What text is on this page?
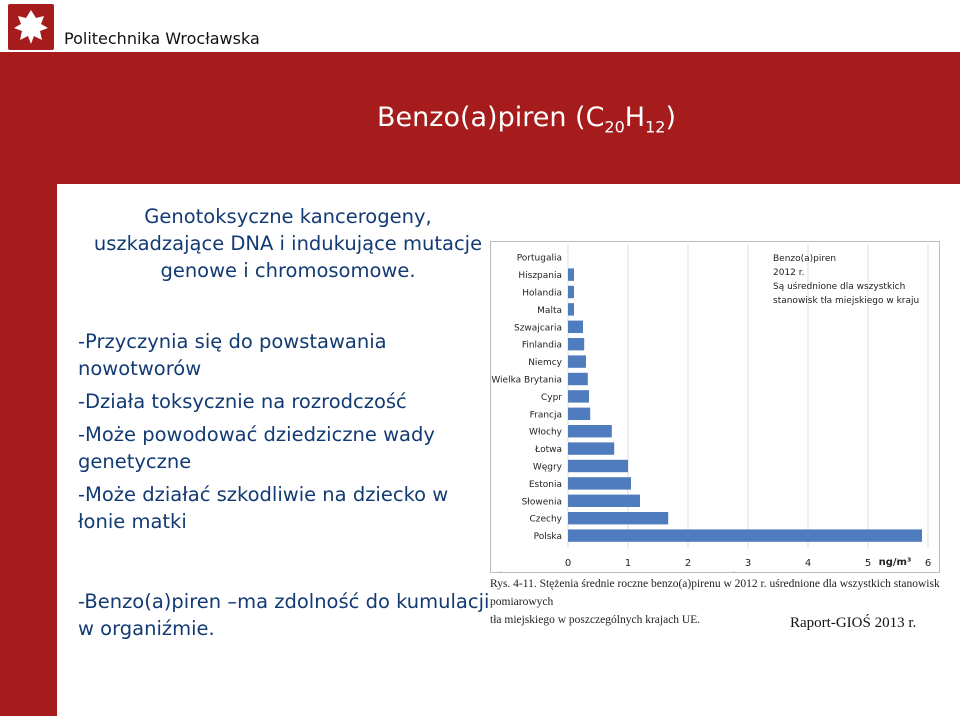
Politechnika Wrocławska
Benzo(a)piren $(C_{20}H_{12})$
Genotoksyczne kancerogeny, uszkadzające DNA i indukujące mutacje genowe i chromosomowe.

-Przyczynia się do powstawania nowotworów

-Działa toksycznie na rozrodczość

-Może powodować dziedziczne wady genetyczne

-Może działać szkodliwie na dziecko w łonie matki

-Benzo(a)piren –ma zdolność do kumulacji w organiźmie.

Portugalia
Hiszpania
Holandia
Malta
Szwajcaria
Finlandia
Niemcy
Wielka Brytania
Cypr
Francja
Włochy
Łotwa
Węgry
Estonia
Słowenia
Czechy
Polska
0	1	2	3	4	5	6
ng/m³
Benzo(a)piren
2012 r.
Są uśrednione dla wszystkich
stanowisk tła miejskiego w kraju
Rys. 4-11. Stężenia średnie roczne benzo(a)pirenu w 2012 r. uśrednione dla wszystkich stanowisk pomiarowych
tła miejskiego w poszczególnych krajach UE.	Raport-GIOŚ 2013 r.
